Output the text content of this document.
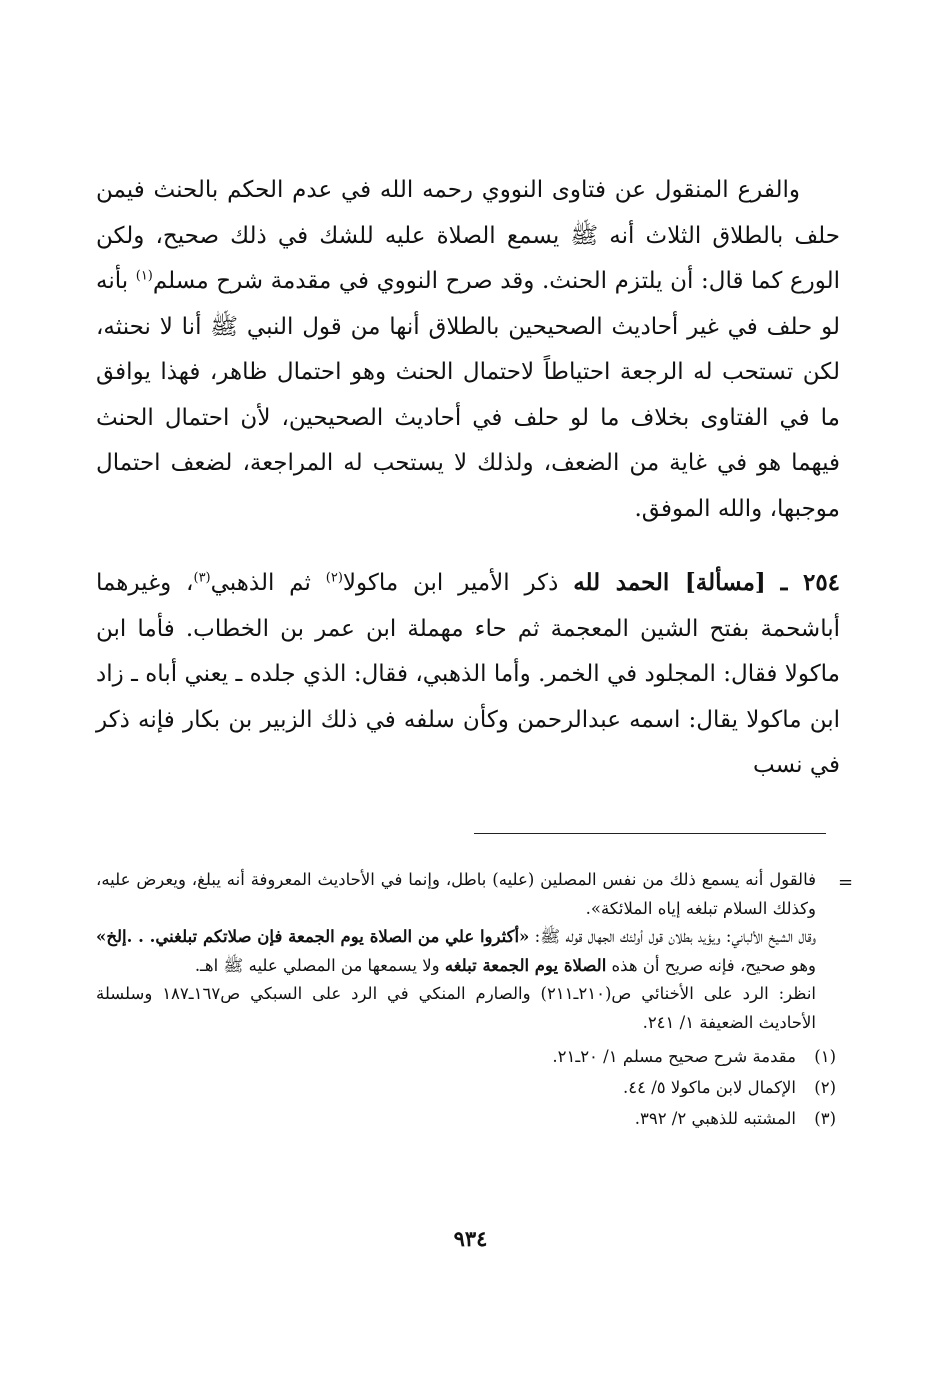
والفرع المنقول عن فتاوى النووي رحمه الله في عدم الحكم بالحنث فيمن حلف بالطلاق الثلاث أنه ﷺ يسمع الصلاة عليه للشك في ذلك صحيح، ولكن الورع كما قال: أن يلتزم الحنث. وقد صرح النووي في مقدمة شرح مسلم$^{(١)}$ بأنه لو حلف في غير أحاديث الصحيحين بالطلاق أنها من قول النبي ﷺ أنا لا نحنثه، لكن تستحب له الرجعة احتياطاً لاحتمال الحنث وهو احتمال ظاهر، فهذا يوافق ما في الفتاوى بخلاف ما لو حلف في أحاديث الصحيحين، لأن احتمال الحنث فيهما هو في غاية من الضعف، ولذلك لا يستحب له المراجعة، لضعف احتمال موجبها، والله الموفق.

٢٥٤ ـ [مسألة] الحمد لله ذكر الأمير ابن ماكولا$^{(٢)}$ ثم الذهبي$^{(٣)}$، وغيرهما أباشحمة بفتح الشين المعجمة ثم حاء مهملة ابن عمر بن الخطاب. فأما ابن ماكولا فقال: المجلود في الخمر. وأما الذهبي، فقال: الذي جلده ـ يعني أباه ـ زاد ابن ماكولا يقال: اسمه عبدالرحمن وكأن سلفه في ذلك الزبير بن بكار فإنه ذكر في نسب

=

فالقول أنه يسمع ذلك من نفس المصلين (عليه) باطل، وإنما في الأحاديث المعروفة أنه يبلغ، ويعرض عليه، وكذلك السلام تبلغه إياه الملائكة».

وقال الشيخ الألباني: ويؤيد بطلان قول أولئك الجهال قوله ﷺ: «أكثروا علي من الصلاة يوم الجمعة فإن صلاتكم تبلغني. . .إلخ» وهو صحيح، فإنه صريح أن هذه الصلاة يوم الجمعة تبلغه ولا يسمعها من المصلي عليه ﷺ اهـ.

انظر: الرد على الأخنائي ص(٢١٠ـ٢١١) والصارم المنكي في الرد على السبكي ص١٦٧ـ١٨٧ وسلسلة الأحاديث الضعيفة ١/ ٢٤١.

(١)مقدمة شرح صحيح مسلم ١/ ٢٠ـ٢١.
(٢)الإكمال لابن ماكولا ٥/ ٤٤.
(٣)المشتبه للذهبي ٢/ ٣٩٢.
٩٣٤
